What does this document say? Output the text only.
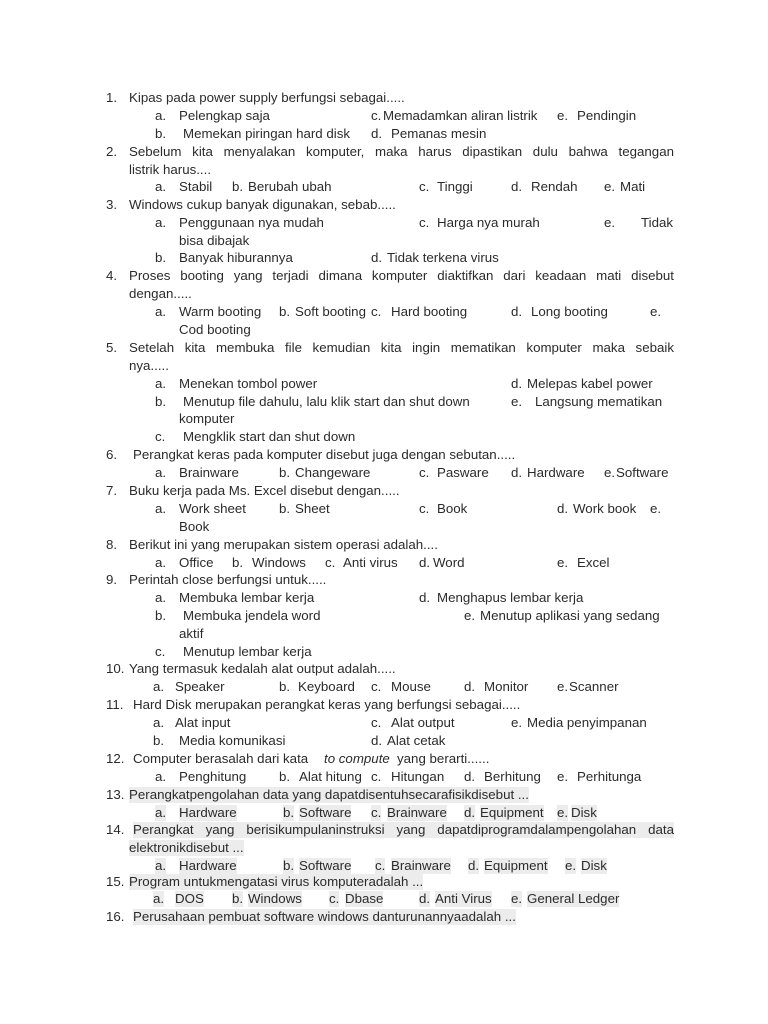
1. Kipas pada power supply berfungsi sebagai.....
a. Pelengkap saja	c. Memadamkan aliran listrik e. Pendingin
b. Memekan piringan hard disk d. Pemanas mesin
2. Sebelum kita menyalakan komputer, maka harus dipastikan dulu bahwa tegangan
listrik harus....
a. Stabil b. Berubah ubah	c. Tinggi	d. Rendah e. Mati
3. Windows cukup banyak digunakan, sebab.....
a. Penggunaan nya mudah	c. Harga nya murah	e. Tidak
bisa dibajak
b. Banyak hiburannya	d. Tidak terkena virus
4. Proses booting yang terjadi dimana komputer diaktifkan dari keadaan mati disebut
dengan.....
a. Warm booting b. Soft booting c. Hard booting	d. Long booting	e.
Cod booting
5. Setelah kita membuka file kemudian kita ingin mematikan komputer maka sebaik
nya.....
a. Menekan tombol power	d. Melepas kabel power
b. Menutup file dahulu, lalu klik start dan shut down	e. Langsung mematikan
komputer
c. Mengklik start dan shut down
6. Perangkat keras pada komputer disebut juga dengan sebutan.....
a. Brainware	b. Changeware	c. Pasware d. Hardware e. Software
7. Buku kerja pada Ms. Excel disebut dengan.....
a. Work sheet b. Sheet	c. Book	d. Work book e.
Book
8. Berikut ini yang merupakan sistem operasi adalah....
a. Office b. Windows c. Anti virus d. Word	e. Excel
9. Perintah close berfungsi untuk.....
a. Membuka lembar kerja	d. Menghapus lembar kerja
b. Membuka jendela word	e. Menutup aplikasi yang sedang
aktif
c. Menutup lembar kerja
10. Yang termasuk kedalah alat output adalah.....
a. Speaker	b. Keyboard c. Mouse d. Monitor e. Scanner
11. Hard Disk merupakan perangkat keras yang berfungsi sebagai.....
a. Alat input	c. Alat output	e. Media penyimpanan
b. Media komunikasi	d. Alat cetak
12. Computer berasalah dari kata to compute yang berarti......
a. Penghitung b. Alat hitung c. Hitungan d. Berhitung e. Perhitunga
13. Perangkatpengolahan data yang dapatdisentuhsecarafisikdisebut ...
a. Hardware	b. Software c. Brainware d. Equipment e. Disk
14. Perangkat yang berisikumpulaninstruksi yang dapatdiprogramdalampengolahan data
elektronikdisebut ...
a. Hardware	b. Software c. Brainware d. Equipment e. Disk
15. Program untukmengatasi virus komputeradalah ...
a. DOS b. Windows c. Dbase	d. Anti Virus e. General Ledger
16. Perusahaan pembuat software windows danturunannyaadalah ...
